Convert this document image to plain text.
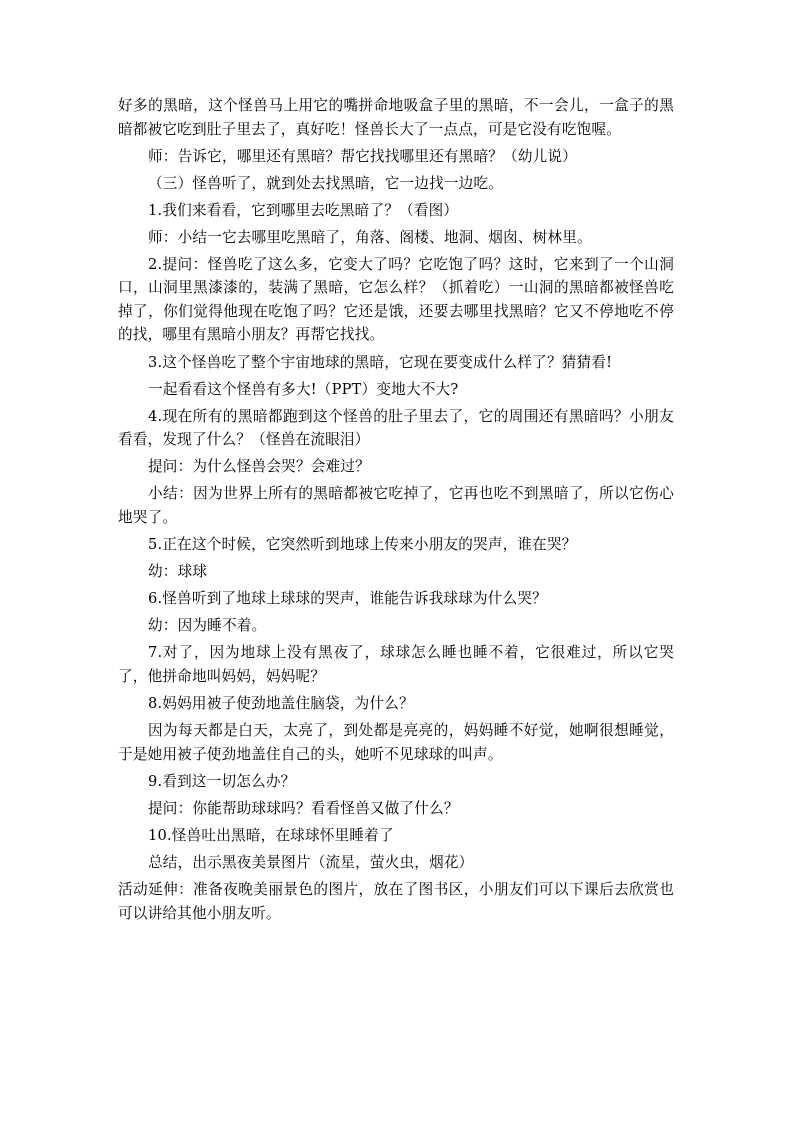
好多的黑暗，这个怪兽马上用它的嘴拼命地吸盒子里的黑暗，不一会儿，一盒子的黑暗都被它吃到肚子里去了，真好吃！怪兽长大了一点点，可是它没有吃饱喔。

师：告诉它，哪里还有黑暗？帮它找找哪里还有黑暗？（幼儿说）

（三）怪兽听了，就到处去找黑暗，它一边找一边吃。

1.我们来看看，它到哪里去吃黑暗了？（看图）

师：小结一它去哪里吃黑暗了，角落、阁楼、地洞、烟囱、树林里。

2.提问：怪兽吃了这么多，它变大了吗？它吃饱了吗？这时，它来到了一个山洞口，山洞里黑漆漆的，装满了黑暗，它怎么样？（抓着吃）一山洞的黑暗都被怪兽吃掉了，你们觉得他现在吃饱了吗？它还是饿，还要去哪里找黑暗？它又不停地吃不停的找，哪里有黑暗小朋友？再帮它找找。

3.这个怪兽吃了整个宇宙地球的黑暗，它现在要变成什么样了？猜猜看!

一起看看这个怪兽有多大!（PPT）变地大不大?

4.现在所有的黑暗都跑到这个怪兽的肚子里去了，它的周围还有黑暗吗？小朋友看看，发现了什么？（怪兽在流眼泪）

提问：为什么怪兽会哭？会难过？

小结：因为世界上所有的黑暗都被它吃掉了，它再也吃不到黑暗了，所以它伤心地哭了。

5.正在这个时候，它突然听到地球上传来小朋友的哭声，谁在哭？

幼：球球

6.怪兽听到了地球上球球的哭声，谁能告诉我球球为什么哭？

幼：因为睡不着。

7.对了，因为地球上没有黑夜了，球球怎么睡也睡不着，它很难过，所以它哭了，他拼命地叫妈妈，妈妈呢？

8.妈妈用被子使劲地盖住脑袋，为什么？

因为每天都是白天，太亮了，到处都是亮亮的，妈妈睡不好觉，她啊很想睡觉，于是她用被子使劲地盖住自己的头，她听不见球球的叫声。

9.看到这一切怎么办？

提问：你能帮助球球吗？看看怪兽又做了什么？

10.怪兽吐出黑暗，在球球怀里睡着了

总结，出示黑夜美景图片（流星，萤火虫，烟花）

活动延伸：准备夜晚美丽景色的图片，放在了图书区，小朋友们可以下课后去欣赏也可以讲给其他小朋友听。
